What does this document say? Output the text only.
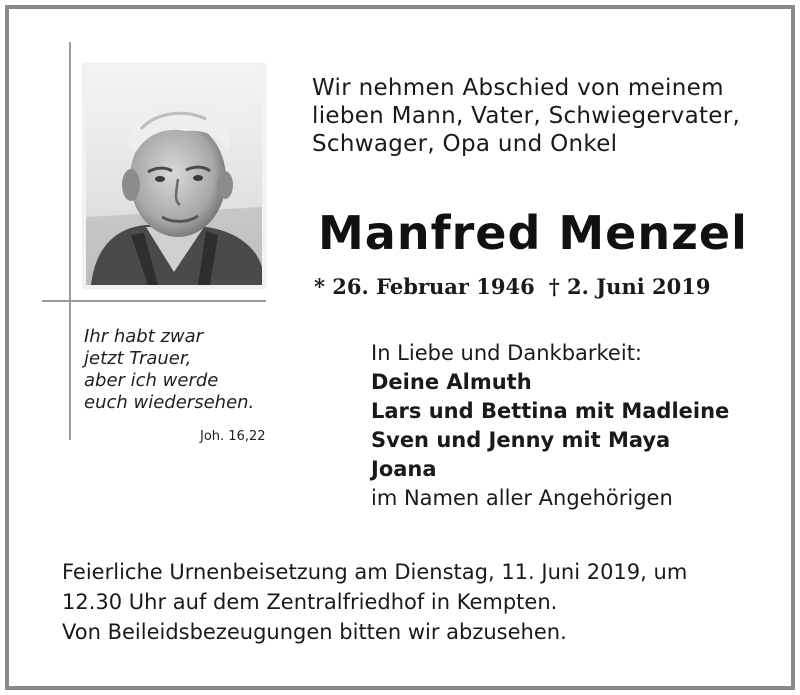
Wir nehmen Abschied von meinem
lieben Mann, Vater, Schwiegervater,
Schwager, Opa und Onkel
Manfred Menzel
* 26. Februar 1946 † 2. Juni 2019
Ihr habt zwar
jetzt Trauer,
aber ich werde
euch wiedersehen.
Joh. 16,22
In Liebe und Dankbarkeit:
Deine Almuth
Lars und Bettina mit Madleine
Sven und Jenny mit Maya
Joana
im Namen aller Angehörigen
Feierliche Urnenbeisetzung am Dienstag, 11. Juni 2019, um
12.30 Uhr auf dem Zentralfriedhof in Kempten.
Von Beileidsbezeugungen bitten wir abzusehen.
